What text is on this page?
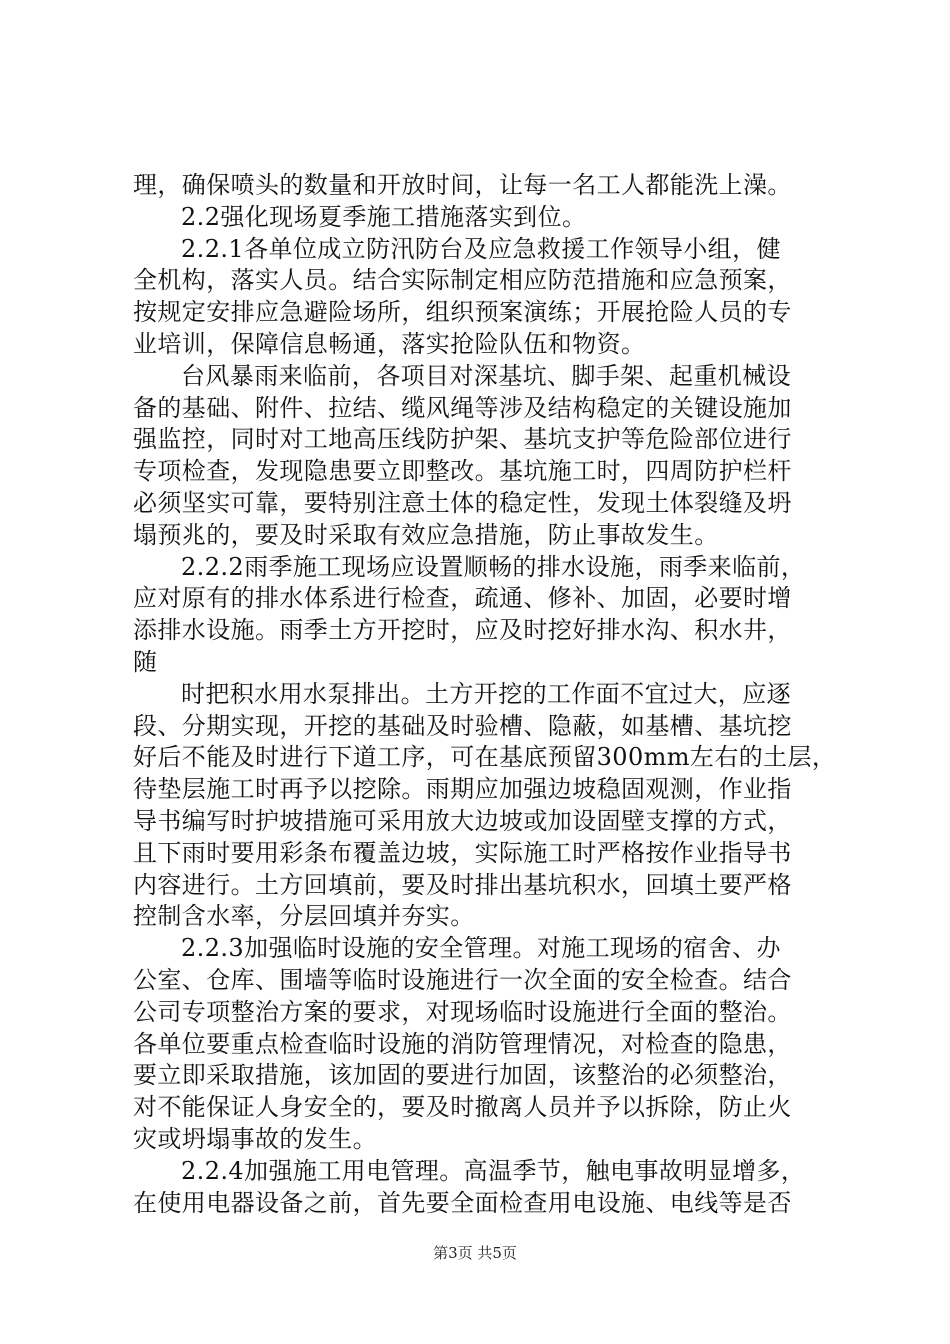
理，确保喷头的数量和开放时间，让每一名工人都能洗上澡。
2.2强化现场夏季施工措施落实到位。
2.2.1各单位成立防汛防台及应急救援工作领导小组，健
全机构，落实人员。结合实际制定相应防范措施和应急预案，
按规定安排应急避险场所，组织预案演练；开展抢险人员的专
业培训，保障信息畅通，落实抢险队伍和物资。
台风暴雨来临前，各项目对深基坑、脚手架、起重机械设
备的基础、附件、拉结、缆风绳等涉及结构稳定的关键设施加
强监控，同时对工地高压线防护架、基坑支护等危险部位进行
专项检查，发现隐患要立即整改。基坑施工时，四周防护栏杆
必须坚实可靠，要特别注意土体的稳定性，发现土体裂缝及坍
塌预兆的，要及时采取有效应急措施，防止事故发生。
2.2.2雨季施工现场应设置顺畅的排水设施，雨季来临前，
应对原有的排水体系进行检查，疏通、修补、加固，必要时增
添排水设施。雨季土方开挖时，应及时挖好排水沟、积水井，
随
时把积水用水泵排出。土方开挖的工作面不宜过大，应逐
段、分期实现，开挖的基础及时验槽、隐蔽，如基槽、基坑挖
好后不能及时进行下道工序，可在基底预留300mm左右的土层，
待垫层施工时再予以挖除。雨期应加强边坡稳固观测，作业指
导书编写时护坡措施可采用放大边坡或加设固壁支撑的方式，
且下雨时要用彩条布覆盖边坡，实际施工时严格按作业指导书
内容进行。土方回填前，要及时排出基坑积水，回填土要严格
控制含水率，分层回填并夯实。
2.2.3加强临时设施的安全管理。对施工现场的宿舍、办
公室、仓库、围墙等临时设施进行一次全面的安全检查。结合
公司专项整治方案的要求，对现场临时设施进行全面的整治。
各单位要重点检查临时设施的消防管理情况，对检查的隐患，
要立即采取措施，该加固的要进行加固，该整治的必须整治，
对不能保证人身安全的，要及时撤离人员并予以拆除，防止火
灾或坍塌事故的发生。
2.2.4加强施工用电管理。高温季节，触电事故明显增多，
在使用电器设备之前，首先要全面检查用电设施、电线等是否
第3页 共5页
